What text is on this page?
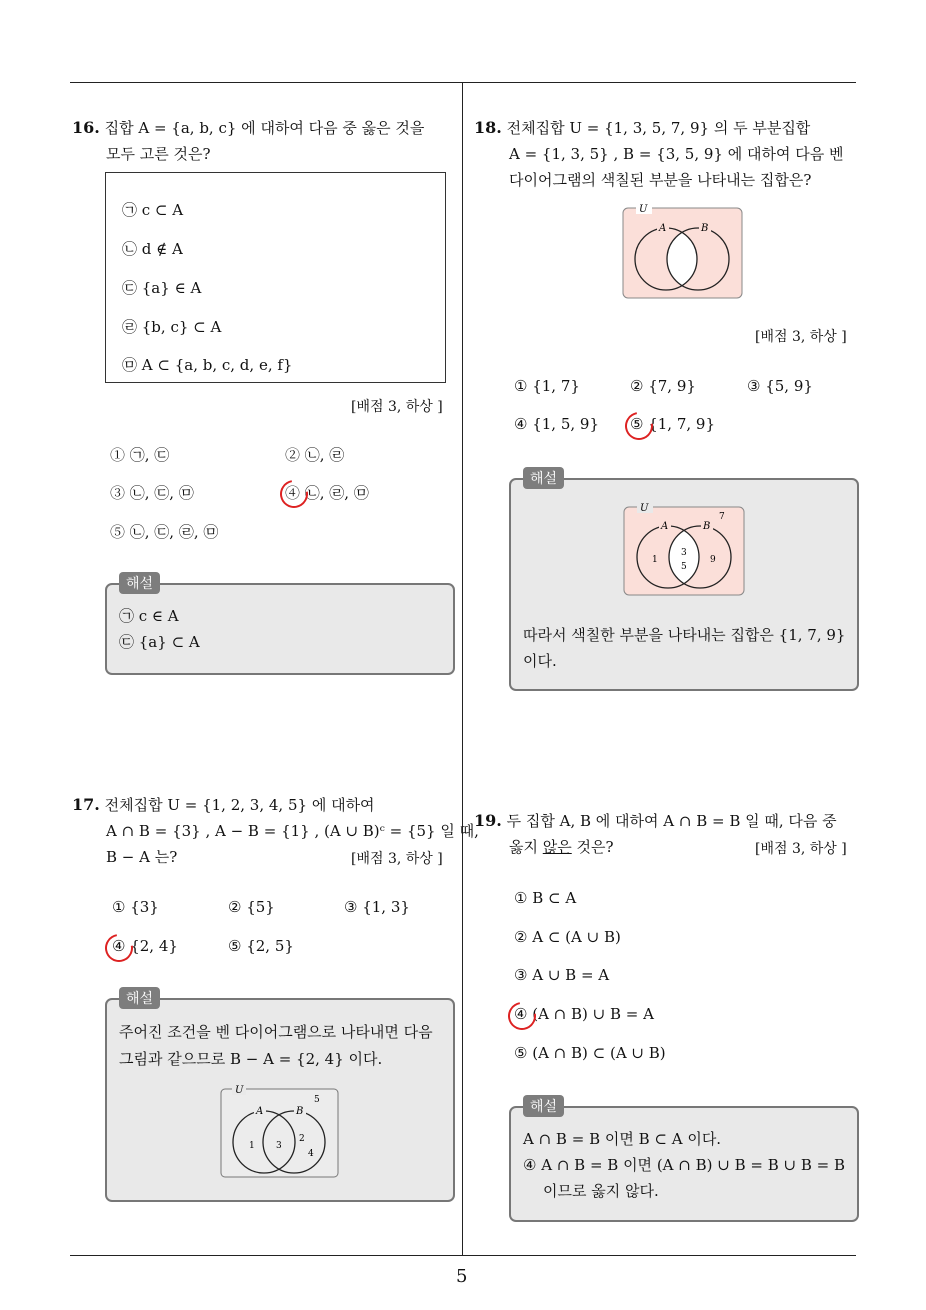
5
16. 집합 A = {a, b, c} 에 대하여 다음 중 옳은 것을
모두 고른 것은?
㉠ c ⊂ A
㉡ d ∉ A
㉢ {a} ∈ A
㉣ {b, c} ⊂ A
㉤ A ⊂ {a, b, c, d, e, f}
[배점 3, 하상 ]
① ㉠, ㉢	② ㉡, ㉣
③ ㉡, ㉢, ㉤	④ ㉡, ㉣, ㉤
⑤ ㉡, ㉢, ㉣, ㉤
㉠ c ∈ A
㉢ {a} ⊂ A
해설
17. 전체집합 U = {1, 2, 3, 4, 5} 에 대하여
A ∩ B = {3} , A − B = {1} , (A ∪ B)ᶜ = {5} 일 때,
B − A 는?	[배점 3, 하상 ]
① {3}	② {5}	③ {1, 3}
④ {2, 4}	⑤ {2, 5}
주어진 조건을 벤 다이어그램으로 나타내면 다음
그림과 같으므로 B − A = {2, 4} 이다.
U
A	B
5
1 3
2
4
해설
18. 전체집합 U = {1, 3, 5, 7, 9} 의 두 부분집합
A = {1, 3, 5} , B = {3, 5, 9} 에 대하여 다음 벤
다이어그램의 색칠된 부분을 나타내는 집합은?
U
A	B
[배점 3, 하상 ]
① {1, 7}	② {7, 9}	③ {5, 9}
④ {1, 5, 9} ⑤ {1, 7, 9}
U
A	B
7
1
3
5
9
따라서 색칠한 부분을 나타내는 집합은 {1, 7, 9}
이다.
해설
19. 두 집합 A, B 에 대하여 A ∩ B = B 일 때, 다음 중
옳지 않은 것은?	[배점 3, 하상 ]
① B ⊂ A
② A ⊂ (A ∪ B)
③ A ∪ B = A
④ (A ∩ B) ∪ B = A
⑤ (A ∩ B) ⊂ (A ∪ B)
A ∩ B = B 이면 B ⊂ A 이다.
④ A ∩ B = B 이면 (A ∩ B) ∪ B = B ∪ B = B
이므로 옳지 않다.
해설
